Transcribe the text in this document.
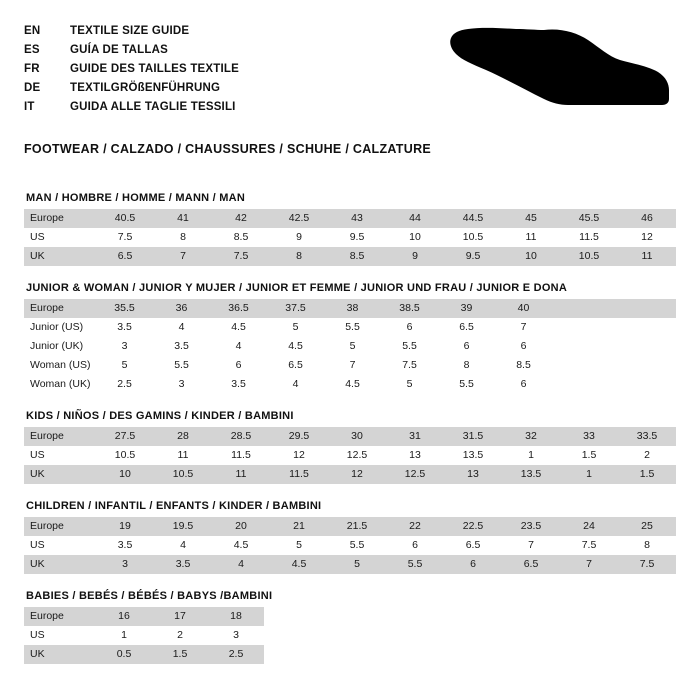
EN	TEXTILE SIZE GUIDE
ES	GUÍA DE TALLAS
FR	GUIDE DES TAILLES TEXTILE
DE	TEXTILGRÖßENFÜHRUNG
IT	GUIDA ALLE TAGLIE TESSILI
FOOTWEAR / CALZADO / CHAUSSURES / SCHUHE / CALZATURE
MAN / HOMBRE / HOMME / MANN / MAN
Europe	40.5	41	42	42.5	43	44	44.5	45	45.5	46
US	7.5	8	8.5	9	9.5	10	10.5	11	11.5	12
UK	6.5	7	7.5	8	8.5	9	9.5	10	10.5	11
JUNIOR & WOMAN / JUNIOR Y MUJER / JUNIOR ET FEMME / JUNIOR UND FRAU / JUNIOR E DONA
Europe	35.5	36	36.5	37.5	38	38.5	39	40		
Junior (US)	3.5	4	4.5	5	5.5	6	6.5	7		
Junior (UK)	3	3.5	4	4.5	5	5.5	6	6		
Woman (US)	5	5.5	6	6.5	7	7.5	8	8.5		
Woman (UK)	2.5	3	3.5	4	4.5	5	5.5	6		
KIDS / NIÑOS / DES GAMINS / KINDER / BAMBINI
Europe	27.5	28	28.5	29.5	30	31	31.5	32	33	33.5
US	10.5	11	11.5	12	12.5	13	13.5	1	1.5	2
UK	10	10.5	11	11.5	12	12.5	13	13.5	1	1.5
CHILDREN / INFANTIL / ENFANTS / KINDER / BAMBINI
Europe	19	19.5	20	21	21.5	22	22.5	23.5	24	25
US	3.5	4	4.5	5	5.5	6	6.5	7	7.5	8
UK	3	3.5	4	4.5	5	5.5	6	6.5	7	7.5
BABIES / BEBÉS / BÉBÉS / BABYS /BAMBINI
Europe	16	17	18	
US	1	2	3	
UK	0.5	1.5	2.5	
